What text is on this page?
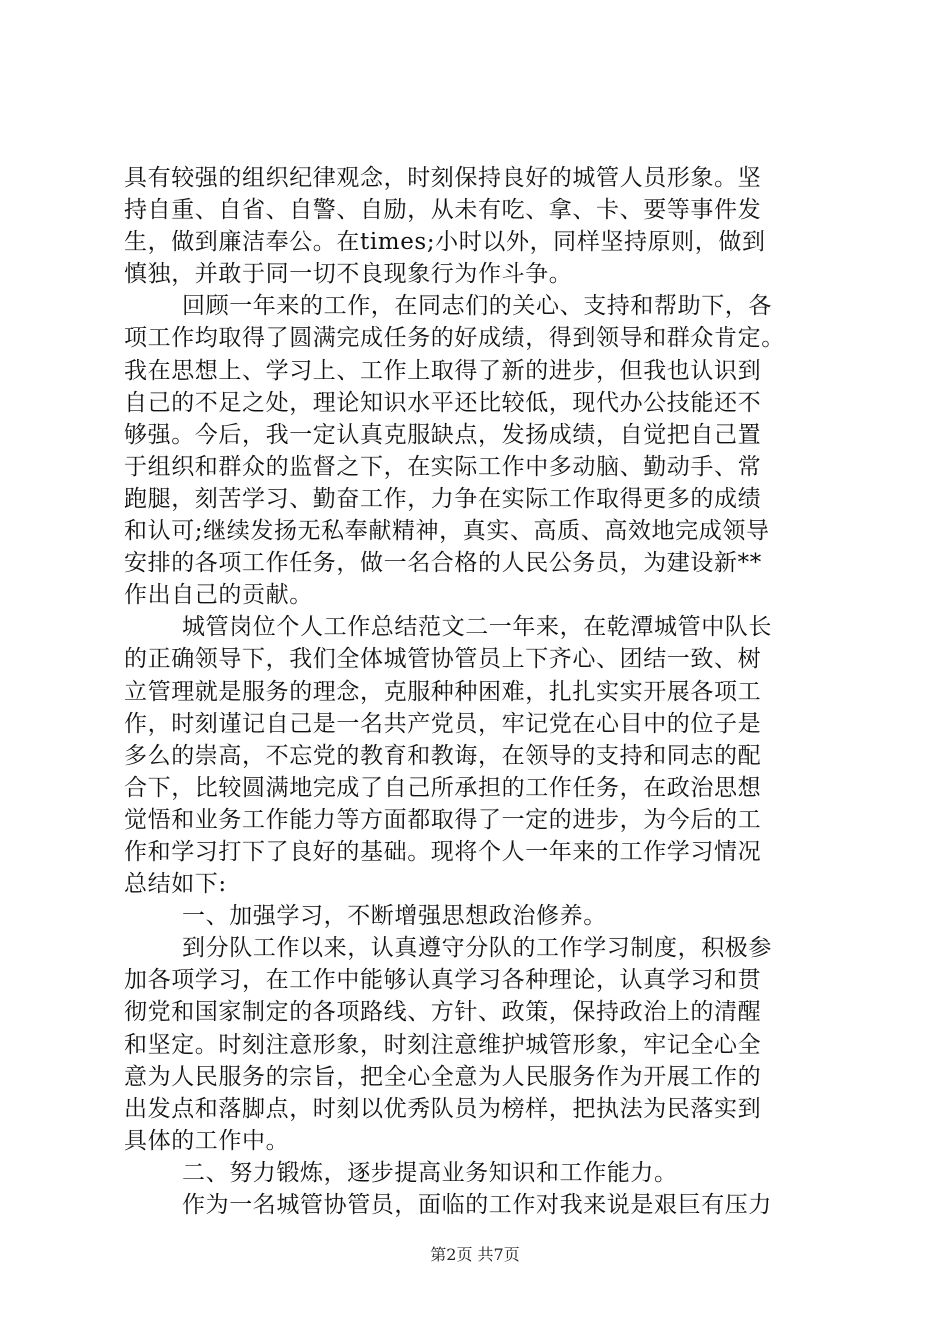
具有较强的组织纪律观念，时刻保持良好的城管人员形象。坚
持自重、自省、自警、自励，从未有吃、拿、卡、要等事件发
生，做到廉洁奉公。在times;小时以外，同样坚持原则，做到
慎独，并敢于同一切不良现象行为作斗争。
回顾一年来的工作，在同志们的关心、支持和帮助下，各
项工作均取得了圆满完成任务的好成绩，得到领导和群众肯定。
我在思想上、学习上、工作上取得了新的进步，但我也认识到
自己的不足之处，理论知识水平还比较低，现代办公技能还不
够强。今后，我一定认真克服缺点，发扬成绩，自觉把自己置
于组织和群众的监督之下，在实际工作中多动脑、勤动手、常
跑腿，刻苦学习、勤奋工作，力争在实际工作取得更多的成绩
和认可;继续发扬无私奉献精神，真实、高质、高效地完成领导
安排的各项工作任务，做一名合格的人民公务员，为建设新**
作出自己的贡献。
城管岗位个人工作总结范文二一年来，在乾潭城管中队长
的正确领导下，我们全体城管协管员上下齐心、团结一致、树
立管理就是服务的理念，克服种种困难，扎扎实实开展各项工
作，时刻谨记自己是一名共产党员，牢记党在心目中的位子是
多么的崇高，不忘党的教育和教诲，在领导的支持和同志的配
合下，比较圆满地完成了自己所承担的工作任务，在政治思想
觉悟和业务工作能力等方面都取得了一定的进步，为今后的工
作和学习打下了良好的基础。现将个人一年来的工作学习情况
总结如下:
一、加强学习，不断增强思想政治修养。
到分队工作以来，认真遵守分队的工作学习制度，积极参
加各项学习，在工作中能够认真学习各种理论，认真学习和贯
彻党和国家制定的各项路线、方针、政策，保持政治上的清醒
和坚定。时刻注意形象，时刻注意维护城管形象，牢记全心全
意为人民服务的宗旨，把全心全意为人民服务作为开展工作的
出发点和落脚点，时刻以优秀队员为榜样，把执法为民落实到
具体的工作中。
二、努力锻炼，逐步提高业务知识和工作能力。
作为一名城管协管员，面临的工作对我来说是艰巨有压力
第2页 共7页
